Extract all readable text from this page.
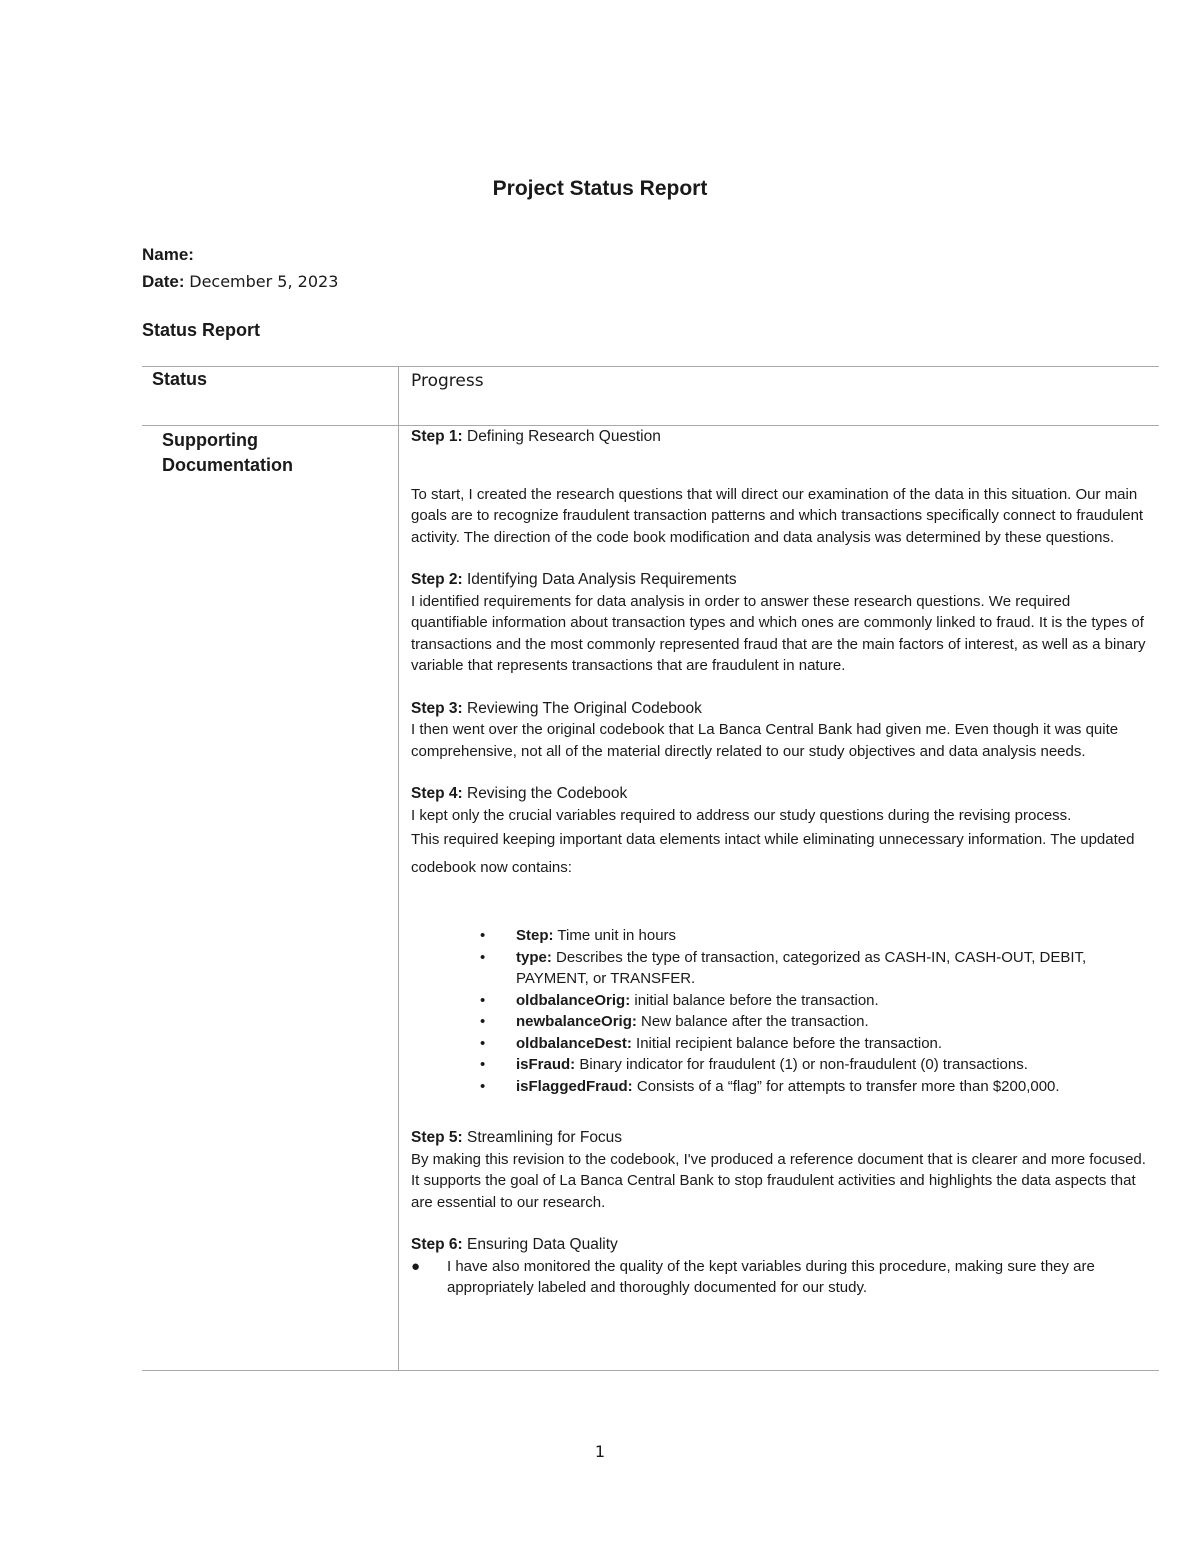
Project Status Report
Name:
Date: December 5, 2023
Status Report
Status	Progress
Supporting Documentation

Step 1: Defining Research Question

To start, I created the research questions that will direct our examination of the data in this situation. Our main goals are to recognize fraudulent transaction patterns and which transactions specifically connect to fraudulent activity. The direction of the code book modification and data analysis was determined by these questions.

Step 2: Identifying Data Analysis Requirements

I identified requirements for data analysis in order to answer these research questions. We required quantifiable information about transaction types and which ones are commonly linked to fraud. It is the types of transactions and the most commonly represented fraud that are the main factors of interest, as well as a binary variable that represents transactions that are fraudulent in nature.

Step 3: Reviewing The Original Codebook

I then went over the original codebook that La Banca Central Bank had given me. Even though it was quite comprehensive, not all of the material directly related to our study objectives and data analysis needs.

Step 4: Revising the Codebook

I kept only the crucial variables required to address our study questions during the revising process.

This required keeping important data elements intact while eliminating unnecessary information. The updated codebook now contains:

• Step: Time unit in hours
• type: Describes the type of transaction, categorized as CASH-IN, CASH-OUT, DEBIT, PAYMENT, or TRANSFER.
• oldbalanceOrig: initial balance before the transaction.
• newbalanceOrig: New balance after the transaction.
• oldbalanceDest: Initial recipient balance before the transaction.
• isFraud: Binary indicator for fraudulent (1) or non-fraudulent (0) transactions.
• isFlaggedFraud: Consists of a “flag” for attempts to transfer more than $200,000.

Step 5: Streamlining for Focus

By making this revision to the codebook, I've produced a reference document that is clearer and more focused. It supports the goal of La Banca Central Bank to stop fraudulent activities and highlights the data aspects that are essential to our research.

Step 6: Ensuring Data Quality

● I have also monitored the quality of the kept variables during this procedure, making sure they are appropriately labeled and thoroughly documented for our study.
1
